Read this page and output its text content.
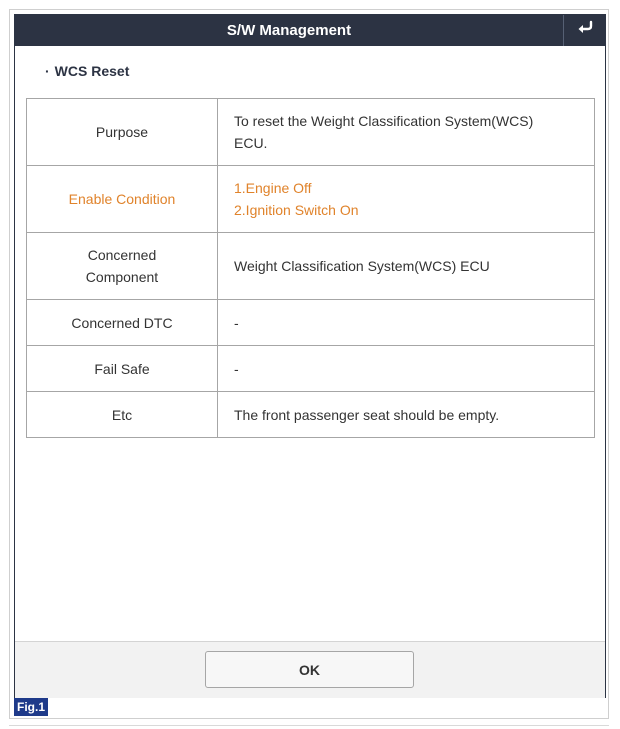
S/W Management
· WCS Reset
Purpose	To reset the Weight Classification System(WCS)
ECU.

Enable Condition	1.Engine Off
2.Ignition Switch On

Concerned
Component	Weight Classification System(WCS) ECU
Concerned DTC	-
Fail Safe	-
Etc	The front passenger seat should be empty.
OK
Fig.1
